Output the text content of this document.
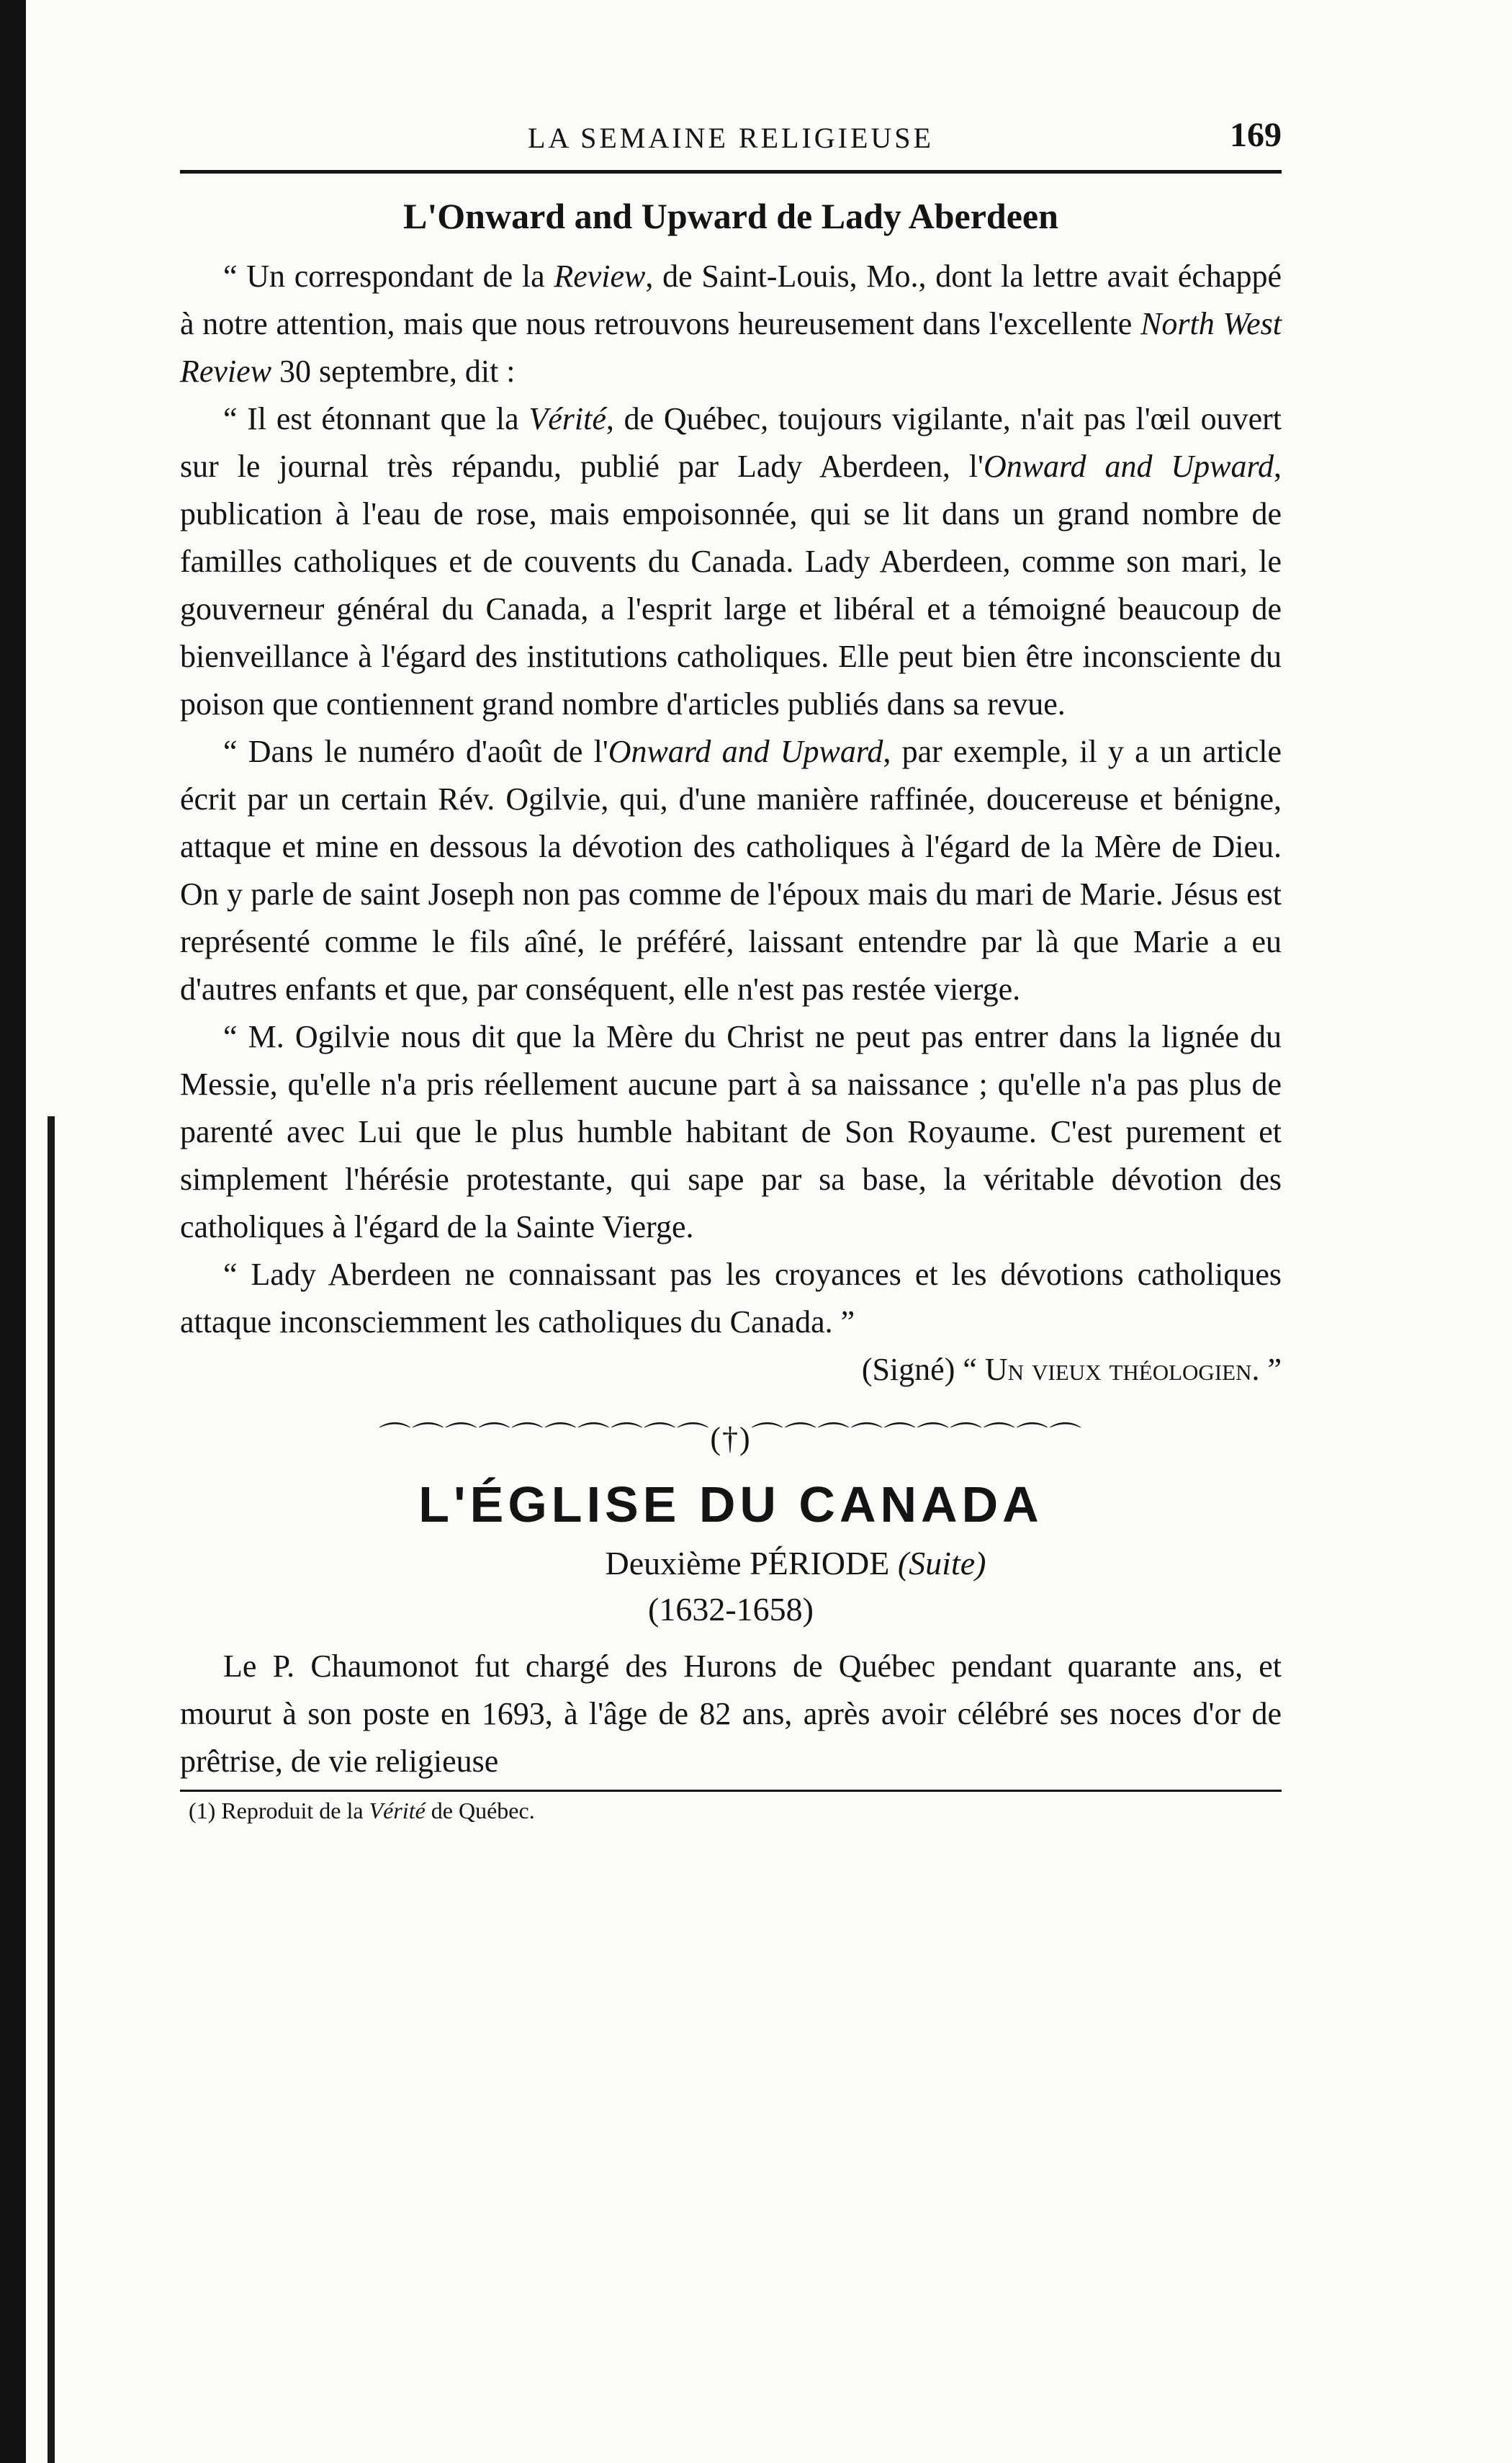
LA SEMAINE RELIGIEUSE	169
L'Onward and Upward de Lady Aberdeen

“ Un correspondant de la Review, de Saint-Louis, Mo., dont la lettre avait échappé à notre attention, mais que nous retrouvons heureusement dans l'excellente North West Review 30 septembre, dit :

“ Il est étonnant que la Vérité, de Québec, toujours vigilante, n'ait pas l'œil ouvert sur le journal très répandu, publié par Lady Aberdeen, l'Onward and Upward, publication à l'eau de rose, mais empoisonnée, qui se lit dans un grand nombre de familles catholiques et de couvents du Canada. Lady Aberdeen, comme son mari, le gouverneur général du Canada, a l'esprit large et libéral et a témoigné beaucoup de bienveillance à l'égard des institutions catholiques. Elle peut bien être inconsciente du poison que contiennent grand nombre d'articles publiés dans sa revue.

“ Dans le numéro d'août de l'Onward and Upward, par exemple, il y a un article écrit par un certain Rév. Ogilvie, qui, d'une manière raffinée, doucereuse et bénigne, attaque et mine en dessous la dévotion des catholiques à l'égard de la Mère de Dieu. On y parle de saint Joseph non pas comme de l'époux mais du mari de Marie. Jésus est représenté comme le fils aîné, le préféré, laissant entendre par là que Marie a eu d'autres enfants et que, par conséquent, elle n'est pas restée vierge.

“ M. Ogilvie nous dit que la Mère du Christ ne peut pas entrer dans la lignée du Messie, qu'elle n'a pris réellement aucune part à sa naissance ; qu'elle n'a pas plus de parenté avec Lui que le plus humble habitant de Son Royaume. C'est purement et simplement l'hérésie protestante, qui sape par sa base, la véritable dévotion des catholiques à l'égard de la Sainte Vierge.

“ Lady Aberdeen ne connaissant pas les croyances et les dévotions catholiques attaque inconsciemment les catholiques du Canada. ”

(Signé) “ Un vieux théologien. ”
⌒⌒⌒⌒⌒⌒⌒⌒⌒⌒(†)⌒⌒⌒⌒⌒⌒⌒⌒⌒⌒
L'ÉGLISE DU CANADA
Deuxième PÉRIODE (Suite)
(1632-1658)

Le P. Chaumonot fut chargé des Hurons de Québec pendant quarante ans, et mourut à son poste en 1693, à l'âge de 82 ans, après avoir célébré ses noces d'or de prêtrise, de vie religieuse

(1) Reproduit de la Vérité de Québec.
